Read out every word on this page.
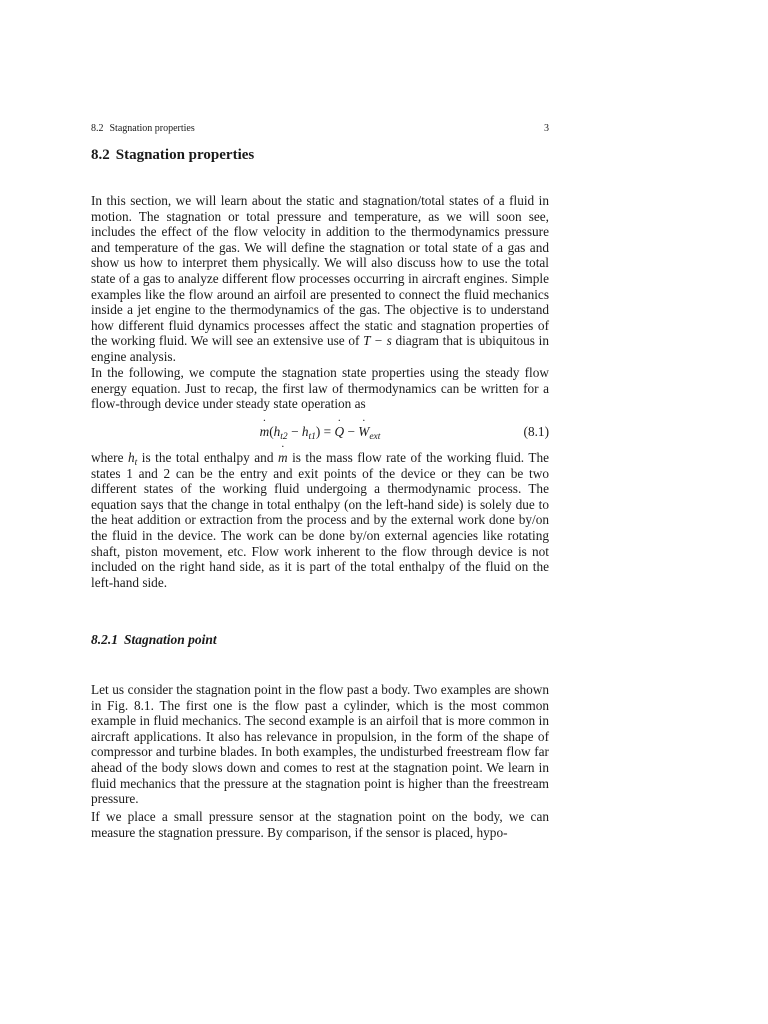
8.2 Stagnation properties	3
8.2 Stagnation properties

In this section, we will learn about the static and stagnation/total states of a fluid in motion. The stagnation or total pressure and temperature, as we will soon see, includes the effect of the flow velocity in addition to the thermodynamics pressure and temperature of the gas. We will define the stagnation or total state of a gas and show us how to interpret them physically. We will also discuss how to use the total state of a gas to analyze different flow processes occurring in aircraft engines. Simple examples like the flow around an airfoil are presented to connect the fluid mechanics inside a jet engine to the thermodynamics of the gas. The objective is to understand how different fluid dynamics processes affect the static and stagnation properties of the working fluid. We will see an extensive use of T − s diagram that is ubiquitous in engine analysis.

In the following, we compute the stagnation state properties using the steady flow energy equation. Just to recap, the first law of thermodynamics can be written for a flow-through device under steady state operation as

m $˙(h_{t2} - h_{t1}) = Q$ ˙ − W $˙_{ext}$	(8.1)

where $h_t$ is the total enthalpy and m ˙ is the mass flow rate of the working fluid. The states 1 and 2 can be the entry and exit points of the device or they can be two different states of the working fluid undergoing a thermodynamic process. The equation says that the change in total enthalpy (on the left-hand side) is solely due to the heat addition or extraction from the process and by the external work done by/on the fluid in the device. The work can be done by/on external agencies like rotating shaft, piston movement, etc. Flow work inherent to the flow through device is not included on the right hand side, as it is part of the total enthalpy of the fluid on the left-hand side.

8.2.1 Stagnation point

Let us consider the stagnation point in the flow past a body. Two examples are shown in Fig. 8.1. The first one is the flow past a cylinder, which is the most common example in fluid mechanics. The second example is an airfoil that is more common in aircraft applications. It also has relevance in propulsion, in the form of the shape of compressor and turbine blades. In both examples, the undisturbed freestream flow far ahead of the body slows down and comes to rest at the stagnation point. We learn in fluid mechanics that the pressure at the stagnation point is higher than the freestream pressure.

If we place a small pressure sensor at the stagnation point on the body, we can measure the stagnation pressure. By comparison, if the sensor is placed, hypo-
